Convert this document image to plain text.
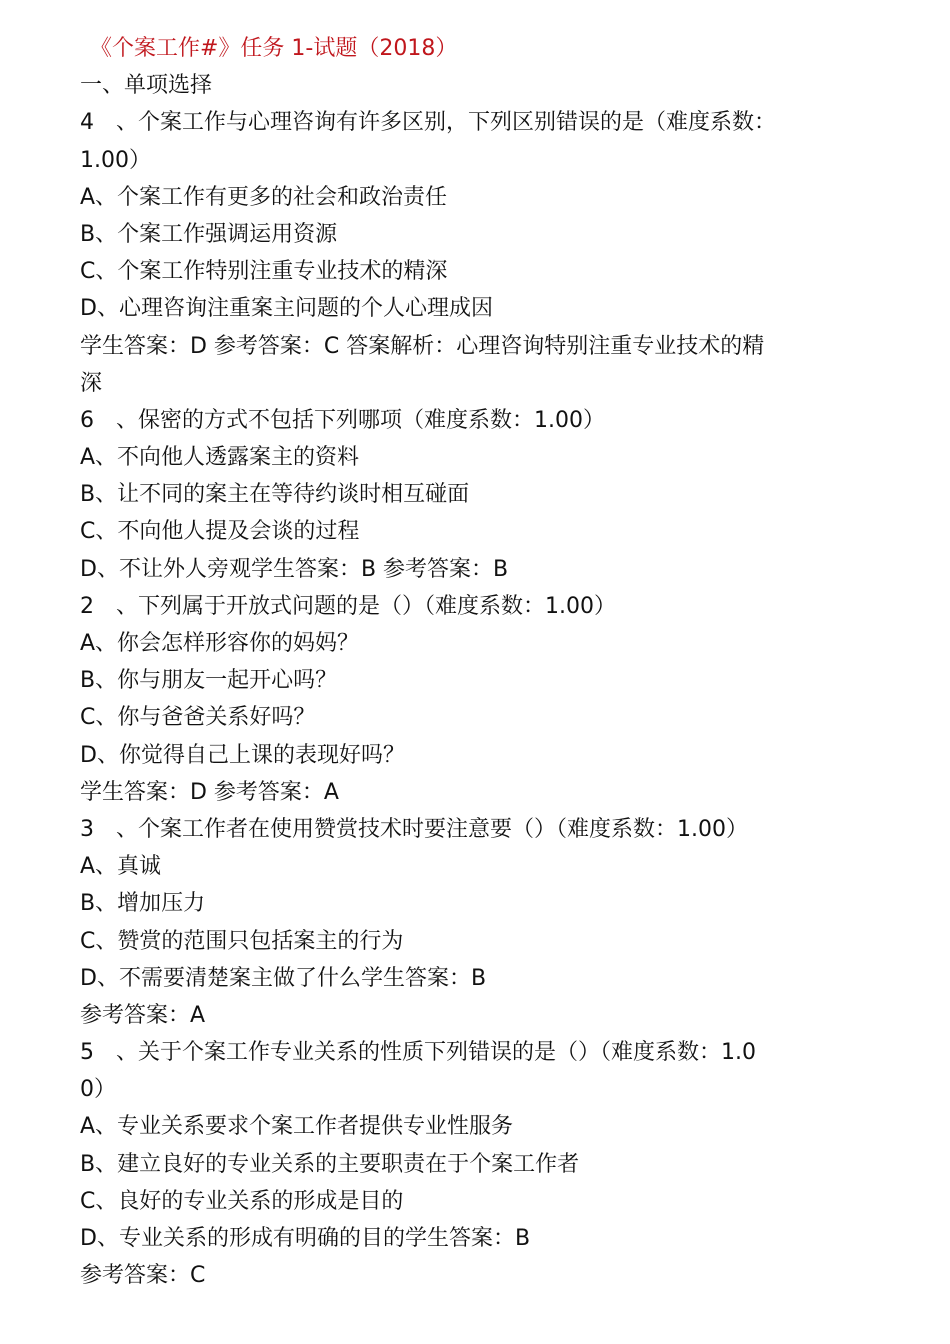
《个案工作#》任务 1-试题（2018）
一、单项选择
4　、个案工作与心理咨询有许多区别，下列区别错误的是（难度系数：
1.00）
A、个案工作有更多的社会和政治责任
B、个案工作强调运用资源
C、个案工作特别注重专业技术的精深
D、心理咨询注重案主问题的个人心理成因
学生答案：D 参考答案：C 答案解析：心理咨询特别注重专业技术的精
深
6　、保密的方式不包括下列哪项（难度系数：1.00）
A、不向他人透露案主的资料
B、让不同的案主在等待约谈时相互碰面
C、不向他人提及会谈的过程
D、不让外人旁观学生答案：B 参考答案：B
2　、下列属于开放式问题的是（）（难度系数：1.00）
A、你会怎样形容你的妈妈？
B、你与朋友一起开心吗？
C、你与爸爸关系好吗？
D、你觉得自己上课的表现好吗？
学生答案：D 参考答案：A
3　、个案工作者在使用赞赏技术时要注意要（）（难度系数：1.00）
A、真诚
B、增加压力
C、赞赏的范围只包括案主的行为
D、不需要清楚案主做了什么学生答案：B
参考答案：A
5　、关于个案工作专业关系的性质下列错误的是（）（难度系数：1.0
0）
A、专业关系要求个案工作者提供专业性服务
B、建立良好的专业关系的主要职责在于个案工作者
C、良好的专业关系的形成是目的
D、专业关系的形成有明确的目的学生答案：B
参考答案：C
